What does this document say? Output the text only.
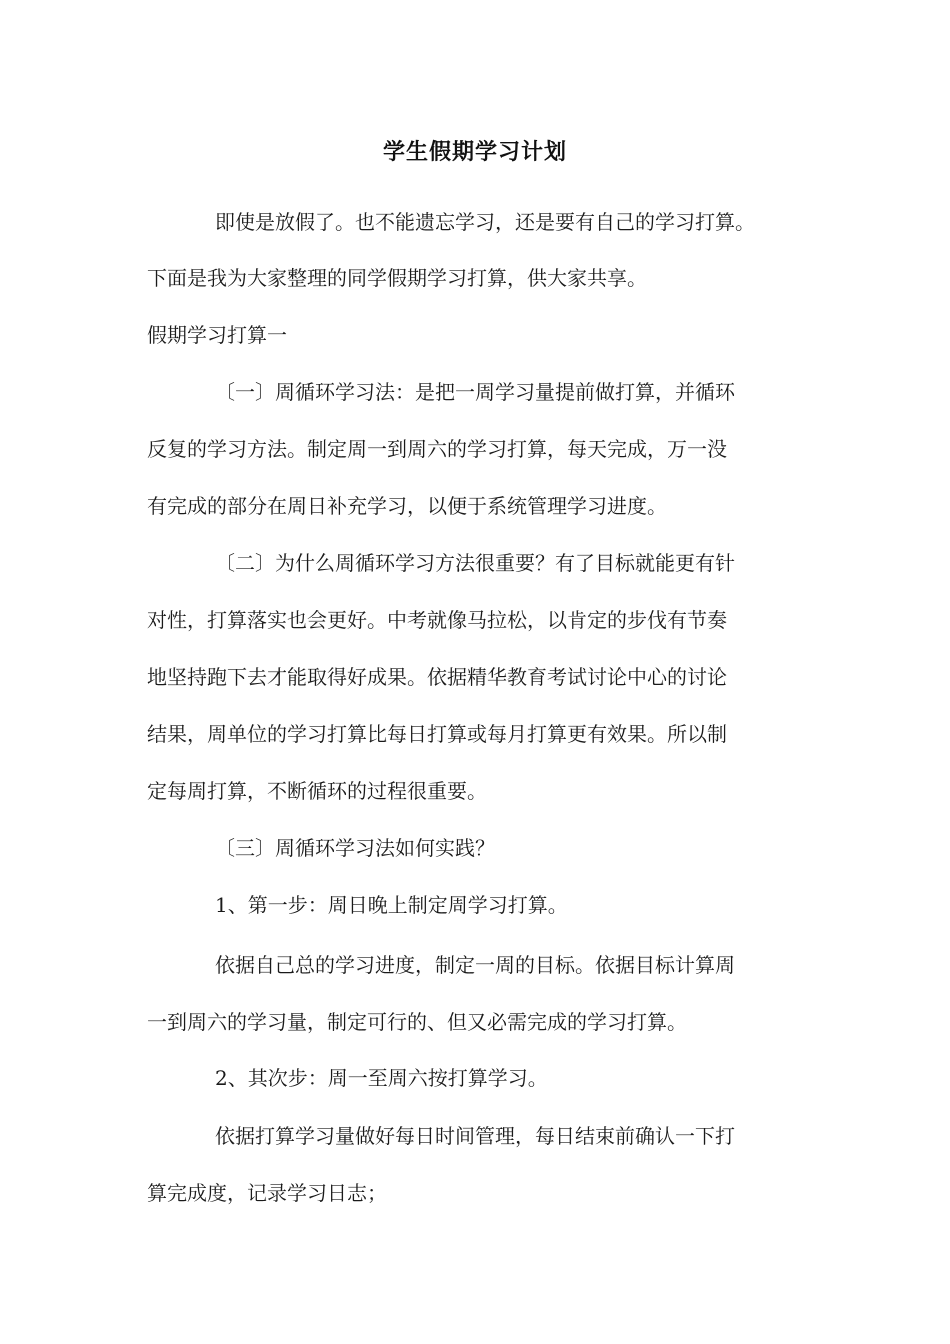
学生假期学习计划
即使是放假了。也不能遗忘学习，还是要有自己的学习打算。
下面是我为大家整理的同学假期学习打算，供大家共享。
假期学习打算一
〔一〕周循环学习法：是把一周学习量提前做打算，并循环
反复的学习方法。制定周一到周六的学习打算，每天完成，万一没
有完成的部分在周日补充学习，以便于系统管理学习进度。
〔二〕为什么周循环学习方法很重要？有了目标就能更有针
对性，打算落实也会更好。中考就像马拉松，以肯定的步伐有节奏
地坚持跑下去才能取得好成果。依据精华教育考试讨论中心的讨论
结果，周单位的学习打算比每日打算或每月打算更有效果。所以制
定每周打算，不断循环的过程很重要。
〔三〕周循环学习法如何实践？
1、第一步：周日晚上制定周学习打算。
依据自己总的学习进度，制定一周的目标。依据目标计算周
一到周六的学习量，制定可行的、但又必需完成的学习打算。
2、其次步：周一至周六按打算学习。
依据打算学习量做好每日时间管理，每日结束前确认一下打
算完成度，记录学习日志；
